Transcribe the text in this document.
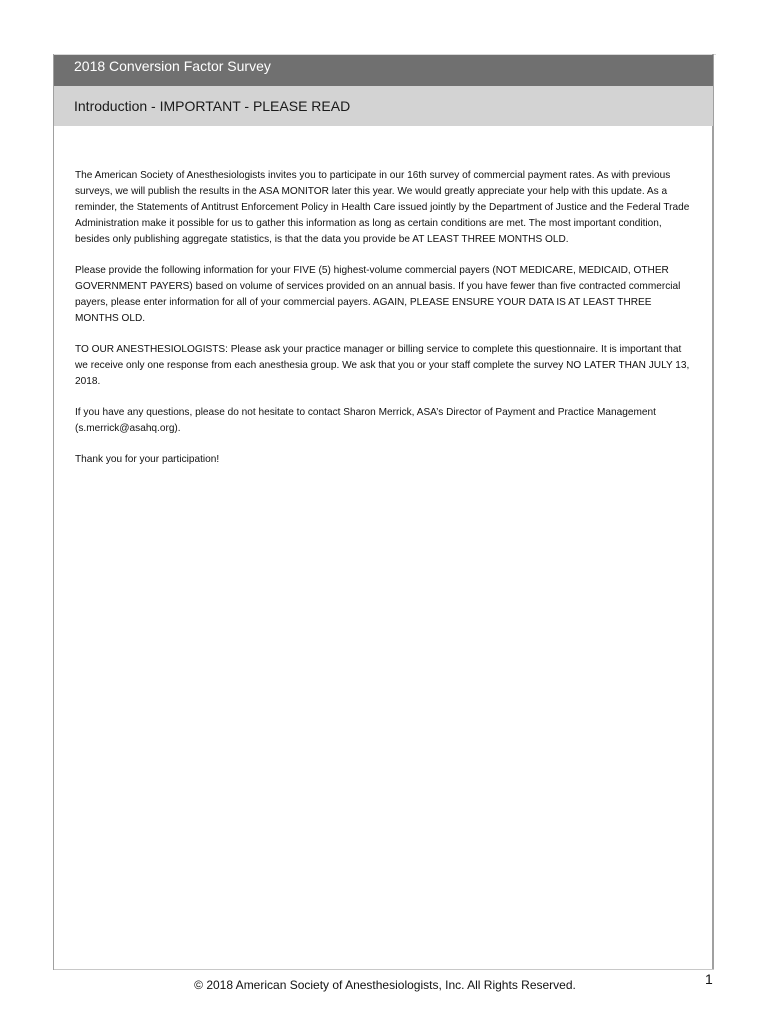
2018 Conversion Factor Survey
Introduction - IMPORTANT - PLEASE READ

The American Society of Anesthesiologists invites you to participate in our 16th survey of commercial payment rates. As with previous surveys, we will publish the results in the ASA MONITOR later this year. We would greatly appreciate your help with this update. As a reminder, the Statements of Antitrust Enforcement Policy in Health Care issued jointly by the Department of Justice and the Federal Trade Administration make it possible for us to gather this information as long as certain conditions are met. The most important condition, besides only publishing aggregate statistics, is that the data you provide be AT LEAST THREE MONTHS OLD.

Please provide the following information for your FIVE (5) highest-volume commercial payers (NOT MEDICARE, MEDICAID, OTHER GOVERNMENT PAYERS) based on volume of services provided on an annual basis. If you have fewer than five contracted commercial payers, please enter information for all of your commercial payers. AGAIN, PLEASE ENSURE YOUR DATA IS AT LEAST THREE MONTHS OLD.

TO OUR ANESTHESIOLOGISTS: Please ask your practice manager or billing service to complete this questionnaire. It is important that we receive only one response from each anesthesia group. We ask that you or your staff complete the survey NO LATER THAN JULY 13, 2018.

If you have any questions, please do not hesitate to contact Sharon Merrick, ASA’s Director of Payment and Practice Management (s.merrick@asahq.org).

Thank you for your participation!

© 2018 American Society of Anesthesiologists, Inc. All Rights Reserved.	1
